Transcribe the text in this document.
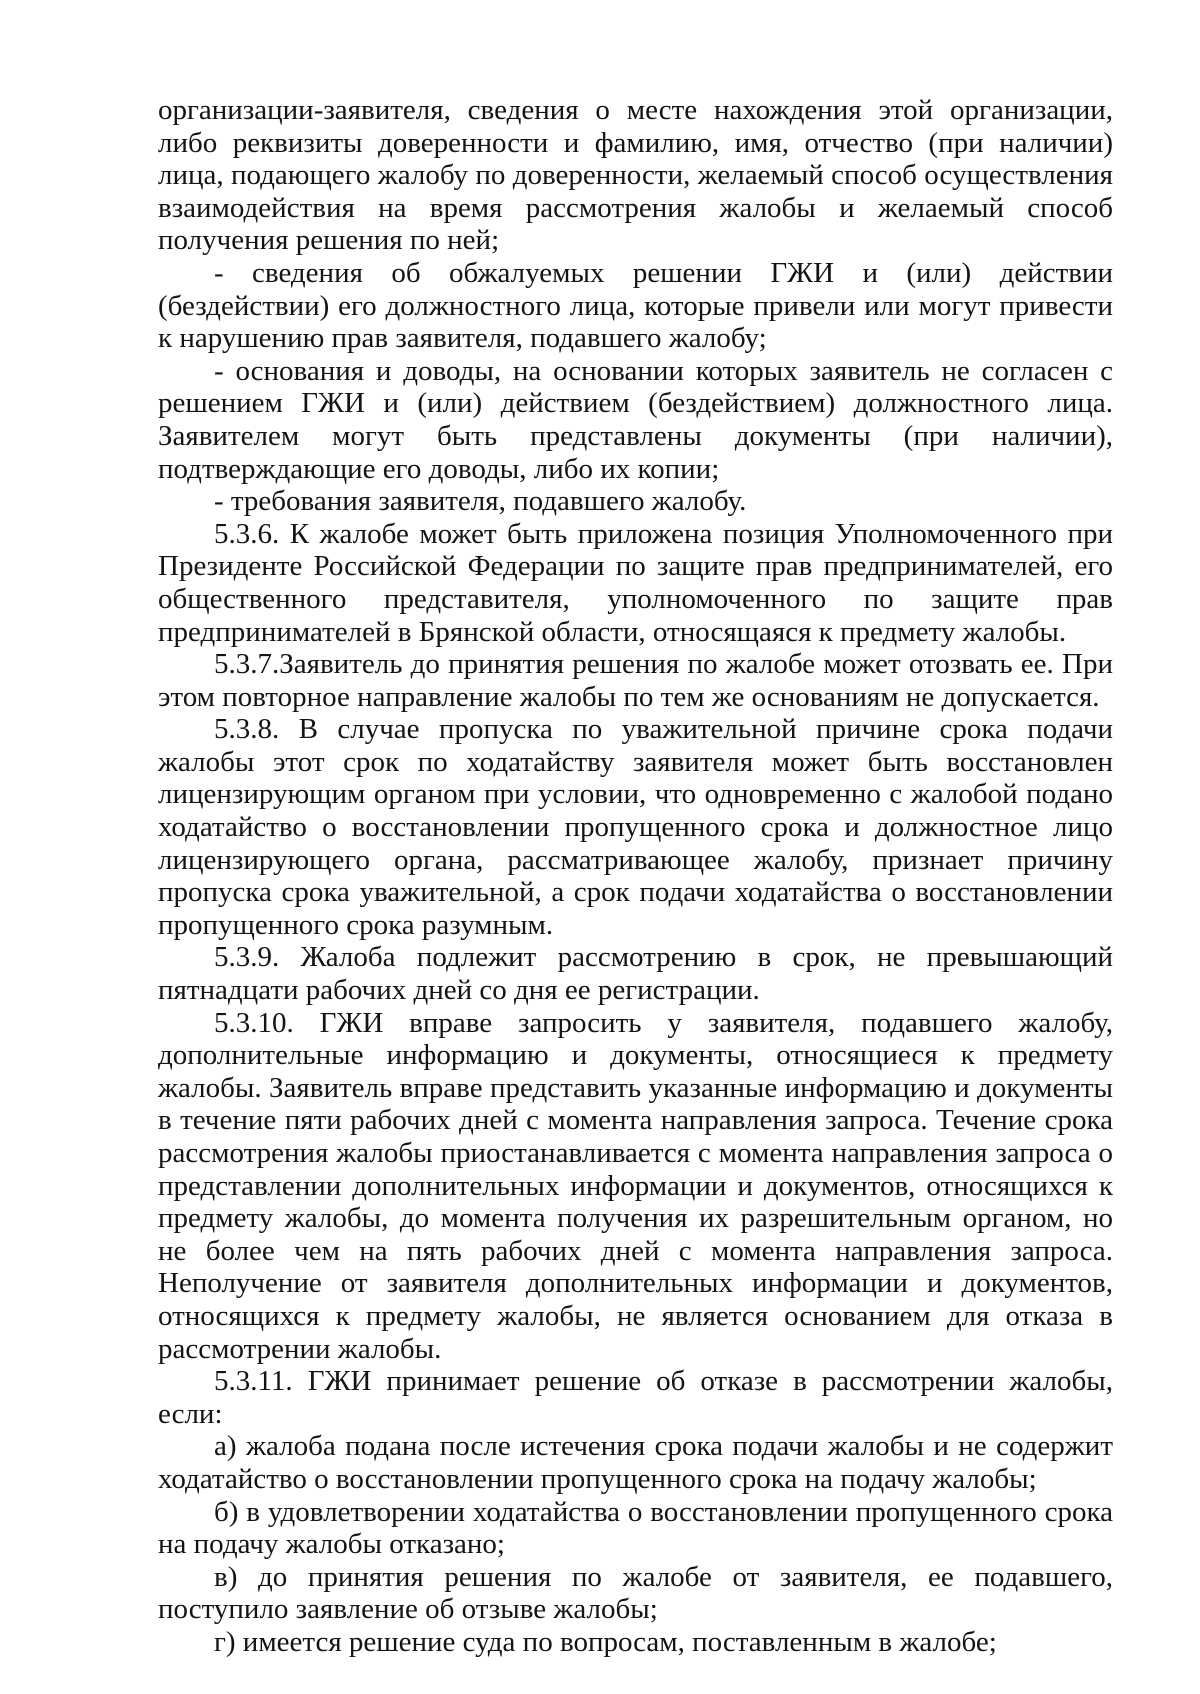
организации-заявителя, сведения о месте нахождения этой организации, либо реквизиты доверенности и фамилию, имя, отчество (при наличии) лица, подающего жалобу по доверенности, желаемый способ осуществления взаимодействия на время рассмотрения жалобы и желаемый способ получения решения по ней;

- сведения об обжалуемых решении ГЖИ и (или) действии (бездействии) его должностного лица, которые привели или могут привести к нарушению прав заявителя, подавшего жалобу;

- основания и доводы, на основании которых заявитель не согласен с решением ГЖИ и (или) действием (бездействием) должностного лица. Заявителем могут быть представлены документы (при наличии), подтверждающие его доводы, либо их копии;

- требования заявителя, подавшего жалобу.

5.3.6. К жалобе может быть приложена позиция Уполномоченного при Президенте Российской Федерации по защите прав предпринимателей, его общественного представителя, уполномоченного по защите прав предпринимателей в Брянской области, относящаяся к предмету жалобы.

5.3.7.Заявитель до принятия решения по жалобе может отозвать ее. При этом повторное направление жалобы по тем же основаниям не допускается.

5.3.8. В случае пропуска по уважительной причине срока подачи жалобы этот срок по ходатайству заявителя может быть восстановлен лицензирующим органом при условии, что одновременно с жалобой подано ходатайство о восстановлении пропущенного срока и должностное лицо лицензирующего органа, рассматривающее жалобу, признает причину пропуска срока уважительной, а срок подачи ходатайства о восстановлении пропущенного срока разумным.

5.3.9. Жалоба подлежит рассмотрению в срок, не превышающий пятнадцати рабочих дней со дня ее регистрации.

5.3.10. ГЖИ вправе запросить у заявителя, подавшего жалобу, дополнительные информацию и документы, относящиеся к предмету жалобы. Заявитель вправе представить указанные информацию и документы в течение пяти рабочих дней с момента направления запроса. Течение срока рассмотрения жалобы приостанавливается с момента направления запроса о представлении дополнительных информации и документов, относящихся к предмету жалобы, до момента получения их разрешительным органом, но не более чем на пять рабочих дней с момента направления запроса. Неполучение от заявителя дополнительных информации и документов, относящихся к предмету жалобы, не является основанием для отказа в рассмотрении жалобы.

5.3.11. ГЖИ принимает решение об отказе в рассмотрении жалобы, если:

а) жалоба подана после истечения срока подачи жалобы и не содержит ходатайство о восстановлении пропущенного срока на подачу жалобы;

б) в удовлетворении ходатайства о восстановлении пропущенного срока на подачу жалобы отказано;

в) до принятия решения по жалобе от заявителя, ее подавшего, поступило заявление об отзыве жалобы;

г) имеется решение суда по вопросам, поставленным в жалобе;
